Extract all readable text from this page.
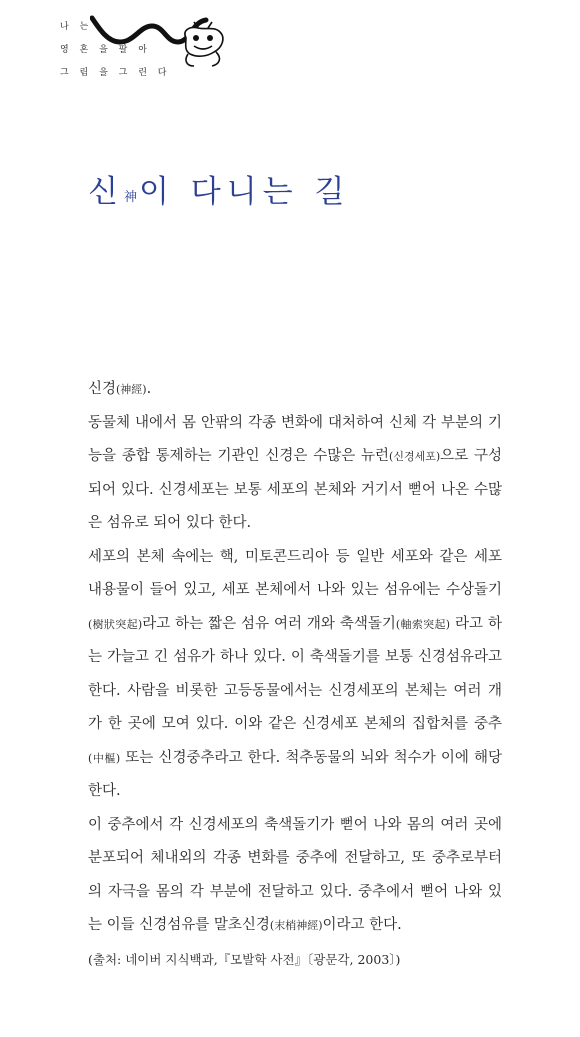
나 는
영 혼 을 팔 아
그 림 을 그 린 다
신神이 다니는 길

신경(神經).

동물체 내에서 몸 안팎의 각종 변화에 대처하여 신체 각 부분의 기능을 종합 통제하는 기관인 신경은 수많은 뉴런(신경세포)으로 구성되어 있다. 신경세포는 보통 세포의 본체와 거기서 뻗어 나온 수많은 섬유로 되어 있다 한다.

세포의 본체 속에는 핵, 미토콘드리아 등 일반 세포와 같은 세포 내용물이 들어 있고, 세포 본체에서 나와 있는 섬유에는 수상돌기(樹狀突起)라고 하는 짧은 섬유 여러 개와 축색돌기(軸索突起) 라고 하는 가늘고 긴 섬유가 하나 있다. 이 축색돌기를 보통 신경섬유라고 한다. 사람을 비롯한 고등동물에서는 신경세포의 본체는 여러 개가 한 곳에 모여 있다. 이와 같은 신경세포 본체의 집합처를 중추(中樞) 또는 신경중추라고 한다. 척추동물의 뇌와 척수가 이에 해당한다.

이 중추에서 각 신경세포의 축색돌기가 뻗어 나와 몸의 여러 곳에 분포되어 체내외의 각종 변화를 중추에 전달하고, 또 중추로부터의 자극을 몸의 각 부분에 전달하고 있다. 중추에서 뻗어 나와 있는 이들 신경섬유를 말초신경(末梢神經)이라고 한다.

(출처: 네이버 지식백과,『모발학 사전』〔광문각, 2003〕)
